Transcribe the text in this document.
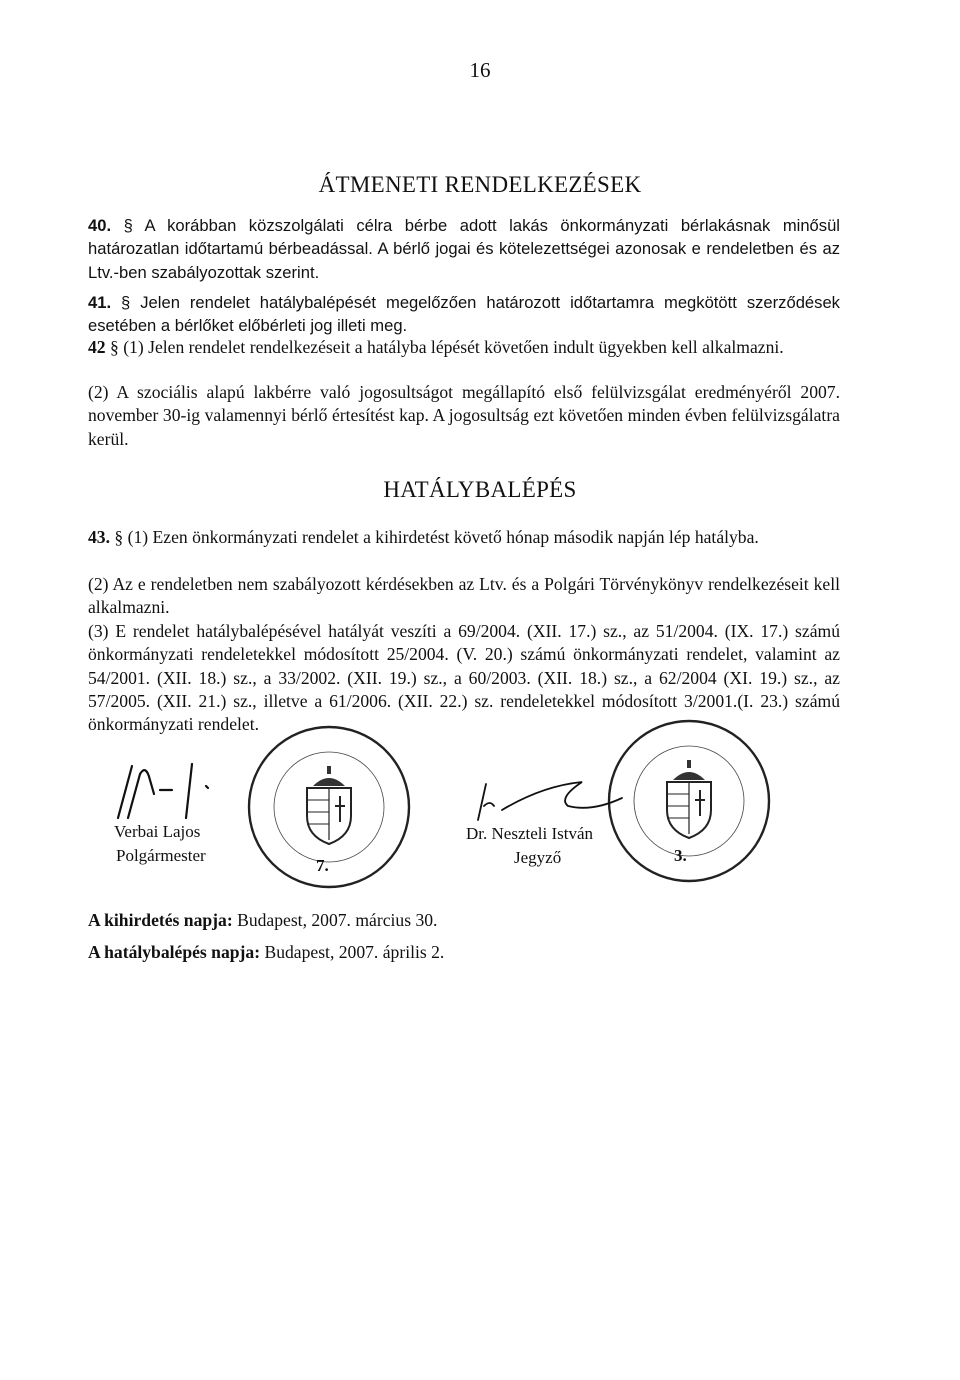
16
ÁTMENETI RENDELKEZÉSEK
40. § A korábban közszolgálati célra bérbe adott lakás önkormányzati bérlakásnak minősül határozatlan időtartamú bérbeadással. A bérlő jogai és kötelezettségei azonosak e rendeletben és az Ltv.-ben szabályozottak szerint.
41. § Jelen rendelet hatálybalépését megelőzően határozott időtartamra megkötött szerződések esetében a bérlőket előbérleti jog illeti meg.
42 § (1) Jelen rendelet rendelkezéseit a hatályba lépését követően indult ügyekben kell alkalmazni.
(2) A szociális alapú lakbérre való jogosultságot megállapító első felülvizsgálat eredményéről 2007. november 30-ig valamennyi bérlő értesítést kap. A jogosultság ezt követően minden évben felülvizsgálatra kerül.
HATÁLYBALÉPÉS
43. § (1) Ezen önkormányzati rendelet a kihirdetést követő hónap második napján lép hatályba.
(2) Az e rendeletben nem szabályozott kérdésekben az Ltv. és a Polgári Törvénykönyv rendelkezéseit kell alkalmazni.
(3) E rendelet hatálybalépésével hatályát veszíti a 69/2004. (XII. 17.) sz., az 51/2004. (IX. 17.) számú önkormányzati rendeletekkel módosított 25/2004. (V. 20.) számú önkormányzati rendelet, valamint az 54/2001. (XII. 18.) sz., a 33/2002. (XII. 19.) sz., a 60/2003. (XII. 18.) sz., a 62/2004 (XI. 19.) sz., az 57/2005. (XII. 21.) sz., illetve a 61/2006. (XII. 22.) sz. rendeletekkel módosított 3/2001.(I. 23.) számú önkormányzati rendelet.
7.
Verbai Lajos
Polgármester	3.
Dr. Neszteli István
Jegyző
A kihirdetés napja: Budapest, 2007. március 30.
A hatálybalépés napja: Budapest, 2007. április 2.
